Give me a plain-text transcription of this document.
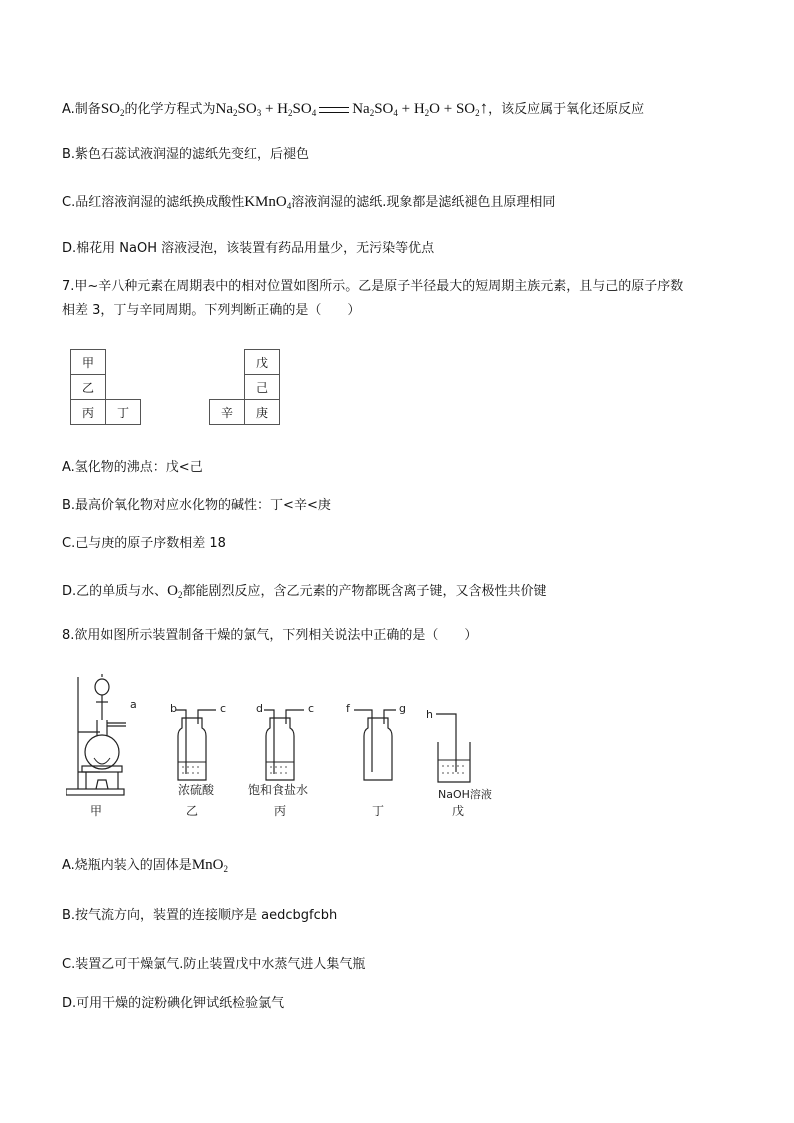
A.制备$SO_2$的化学方程式为$Na_2SO_3 + H_2SO_4$ $Na_2SO_4 + H_2O$ + $SO_2↑$，该反应属于氧化还原反应
B.紫色石蕊试液润湿的滤纸先变红，后褪色
C.品红溶液润湿的滤纸换成酸性KMnO$_4$溶液润湿的滤纸.现象都是滤纸褪色且原理相同
D.棉花用 NaOH 溶液浸泡，该装置有药品用量少，无污染等优点
7.甲~辛八种元素在周期表中的相对位置如图所示。乙是原子半径最大的短周期主族元素，且与己的原子序数
相差 3，丁与辛同周期。下列判断正确的是（　　）
甲					戊
乙					己
丙	丁			辛	庚
A.氢化物的沸点：戊<己
B.最高价氧化物对应水化物的碱性：丁<辛<庚
C.己与庚的原子序数相差 18
D.乙的单质与水、$O_2$都能剧烈反应，含乙元素的产物都既含离子键，又含极性共价键
8.欲用如图所示装置制备干燥的氯气，下列相关说法中正确的是（　　）
a	b	c	d	c	f	g h
甲
浓硫酸
乙
饱和食盐水
丙	丁
NaOH溶液
戊
A.烧瓶内装入的固体是MnO$_2$
B.按气流方向，装置的连接顺序是 aedcbgfcbh
C.装置乙可干燥氯气.防止装置戊中水蒸气进人集气瓶
D.可用干燥的淀粉碘化钾试纸检验氯气
